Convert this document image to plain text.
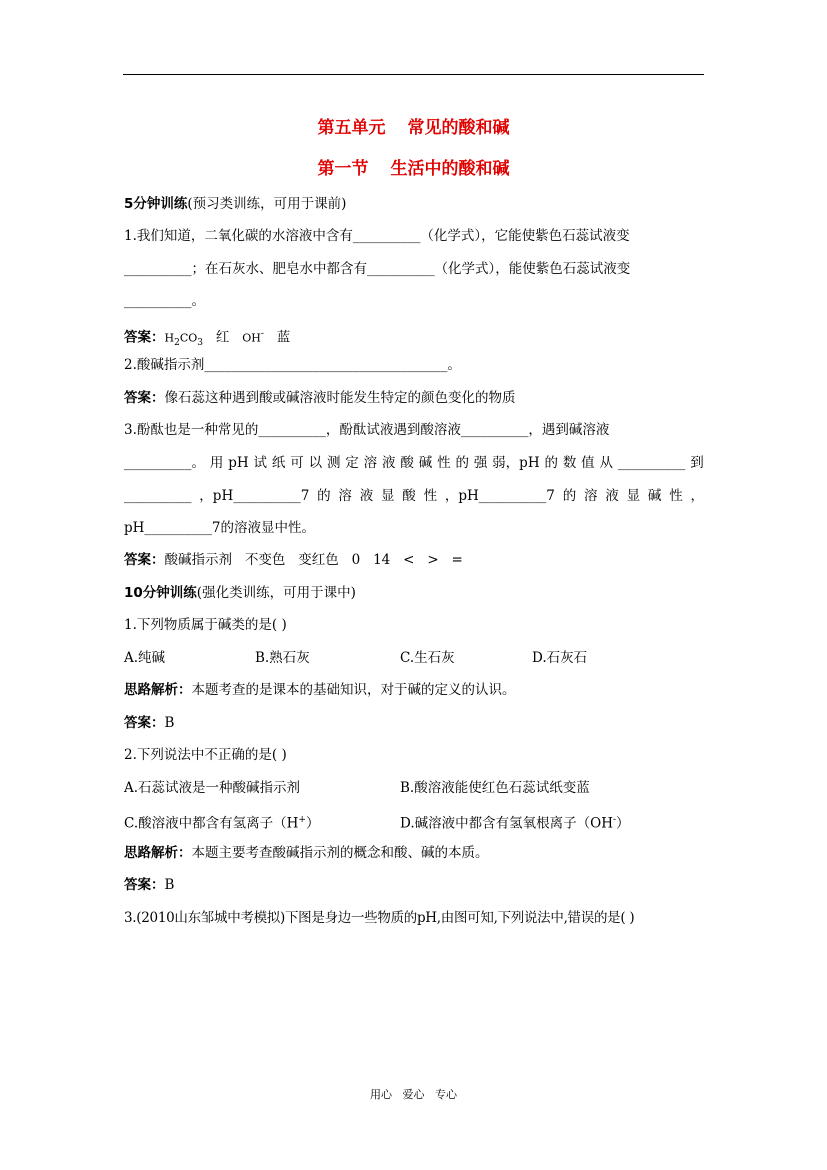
第五单元 常见的酸和碱
第一节 生活中的酸和碱
5分钟训练(预习类训练，可用于课前)
1.我们知道，二氧化碳的水溶液中含有__________（化学式），它能使紫色石蕊试液变
__________；在石灰水、肥皂水中都含有__________（化学式），能使紫色石蕊试液变
__________。
答案：$H_2CO_3$ 红 OH- 蓝
2.酸碱指示剂____________________________________。
答案：像石蕊这种遇到酸或碱溶液时能发生特定的颜色变化的物质
3.酚酞也是一种常见的__________，酚酞试液遇到酸溶液__________，遇到碱溶液
__________。 用 pH 试 纸 可 以 测 定 溶 液 酸 碱 性 的 强 弱，pH 的 数 值 从 __________ 到
__________ ，pH__________7 的 溶 液 显 酸 性 ，pH__________7 的 溶 液 显 碱 性 ，
pH__________7的溶液显中性。
答案：酸碱指示剂   不变色   变红色   0   14   <   >   =
10分钟训练(强化类训练，可用于课中)
1.下列物质属于碱类的是( )
A.纯碱	B.熟石灰	C.生石灰	D.石灰石
思路解析：本题考查的是课本的基础知识，对于碱的定义的认识。
答案：B
2.下列说法中不正确的是( )
A.石蕊试液是一种酸碱指示剂	B.酸溶液能使红色石蕊试纸变蓝
C.酸溶液中都含有氢离子（H+）	D.碱溶液中都含有氢氧根离子（OH-）
思路解析：本题主要考查酸碱指示剂的概念和酸、碱的本质。
答案：B
3.(2010山东邹城中考模拟)下图是身边一些物质的pH,由图可知,下列说法中,错误的是( )
用心   爱心   专心
